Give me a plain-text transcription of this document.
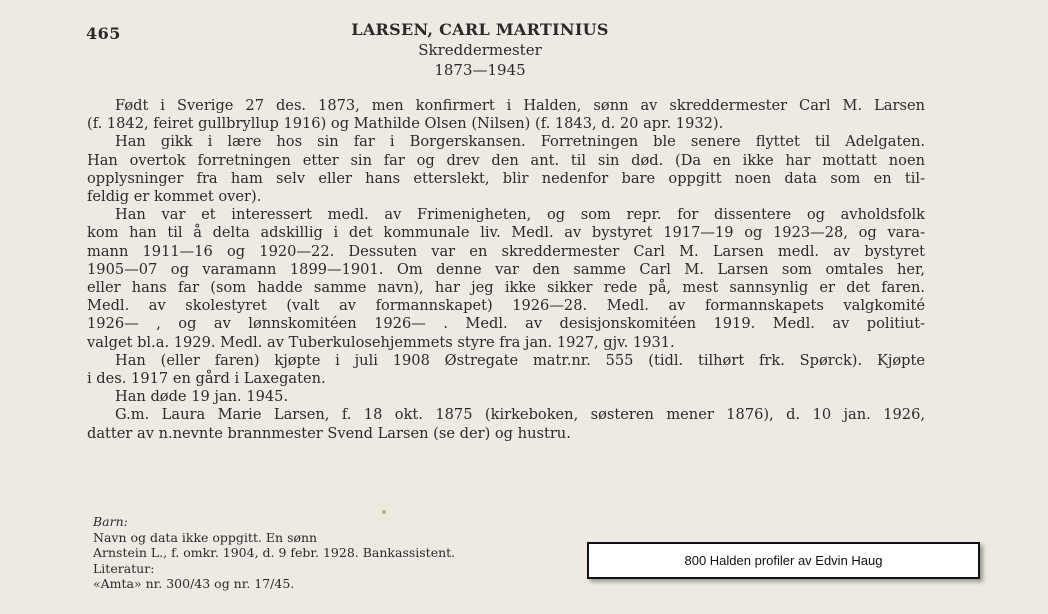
465	LARSEN, CARL MARTINIUS
Skreddermester
1873—1945
Født i Sverige 27 des. 1873, men konfirmert i Halden, sønn av skreddermester Carl M. Larsen
(f. 1842, feiret gullbryllup 1916) og Mathilde Olsen (Nilsen) (f. 1843, d. 20 apr. 1932).
Han gikk i lære hos sin far i Borgerskansen. Forretningen ble senere flyttet til Adelgaten.
Han overtok forretningen etter sin far og drev den ant. til sin død. (Da en ikke har mottatt noen
opplysninger fra ham selv eller hans etterslekt, blir nedenfor bare oppgitt noen data som en til-
feldig er kommet over).
Han var et interessert medl. av Frimenigheten, og som repr. for dissentere og avholdsfolk
kom han til å delta adskillig i det kommunale liv. Medl. av bystyret 1917—19 og 1923—28, og vara-
mann 1911—16 og 1920—22. Dessuten var en skreddermester Carl M. Larsen medl. av bystyret
1905—07 og varamann 1899—1901. Om denne var den samme Carl M. Larsen som omtales her,
eller hans far (som hadde samme navn), har jeg ikke sikker rede på, mest sannsynlig er det faren.
Medl. av skolestyret (valt av formannskapet) 1926—28. Medl. av formannskapets valgkomité
1926— , og av lønnskomitéen 1926— . Medl. av desisjonskomitéen 1919. Medl. av politiut-
valget bl.a. 1929. Medl. av Tuberkulosehjemmets styre fra jan. 1927, gjv. 1931.
Han (eller faren) kjøpte i juli 1908 Østregate matr.nr. 555 (tidl. tilhørt frk. Spørck). Kjøpte
i des. 1917 en gård i Laxegaten.
Han døde 19 jan. 1945.
G.m. Laura Marie Larsen, f. 18 okt. 1875 (kirkeboken, søsteren mener 1876), d. 10 jan. 1926,
datter av n.nevnte brannmester Svend Larsen (se der) og hustru.
Barn:
Navn og data ikke oppgitt. En sønn
Arnstein L., f. omkr. 1904, d. 9 febr. 1928. Bankassistent.
Literatur:
«Amta» nr. 300/43 og nr. 17/45.
800 Halden profiler av Edvin Haug
